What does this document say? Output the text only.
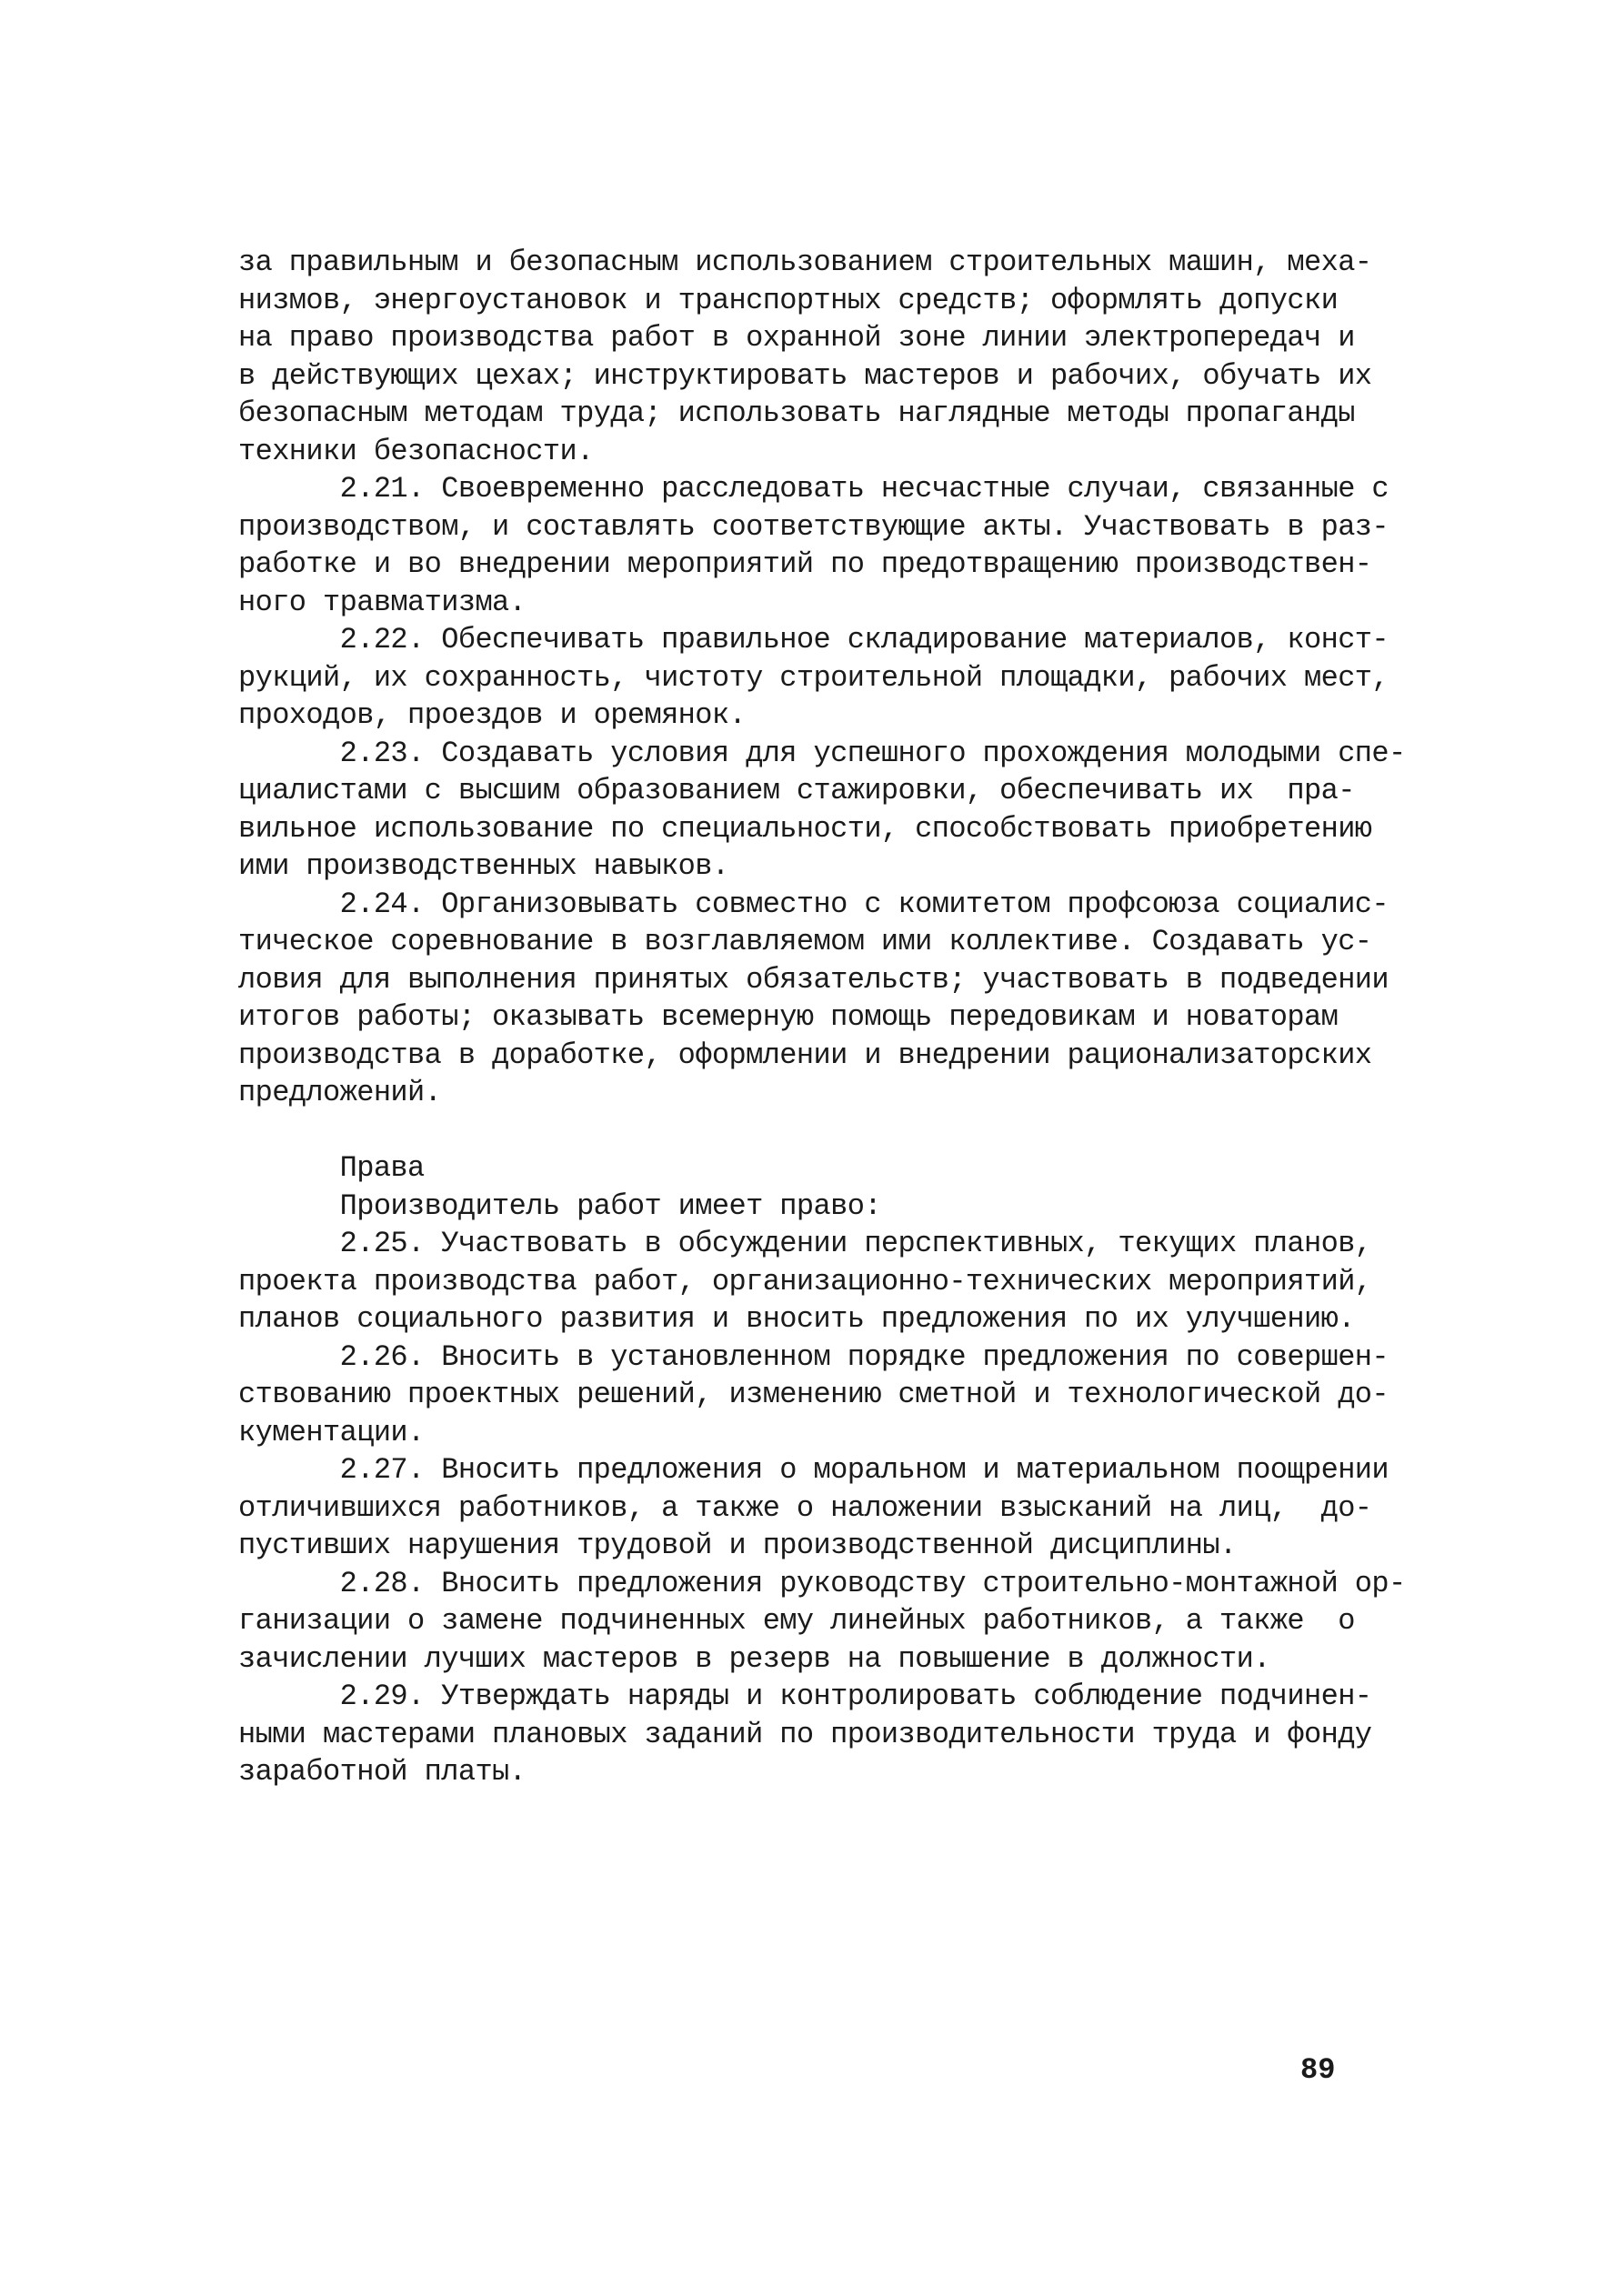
за правильным и безопасным использованием строительных машин, меха-
низмов, энергоустановок и транспортных средств; оформлять допуски
на право производства работ в охранной зоне линии электропередач и
в действующих цехах; инструктировать мастеров и рабочих, обучать их
безопасным методам труда; использовать наглядные методы пропаганды
техники безопасности.
2.21. Своевременно расследовать несчастные случаи, связанные с
производством, и составлять соответствующие акты. Участвовать в раз-
работке и во внедрении мероприятий по предотвращению производствен-
ного травматизма.
2.22. Обеспечивать правильное складирование материалов, конст-
рукций, их сохранность, чистоту строительной площадки, рабочих мест,
проходов, проездов и оремянок.
2.23. Создавать условия для успешного прохождения молодыми спе-
циалистами с высшим образованием стажировки, обеспечивать их  пра-
вильное использование по специальности, способствовать приобретению
ими производственных навыков.
2.24. Организовывать совместно с комитетом профсоюза социалис-
тическое соревнование в возглавляемом ими коллективе. Создавать ус-
ловия для выполнения принятых обязательств; участвовать в подведении
итогов работы; оказывать всемерную помощь передовикам и новаторам
производства в доработке, оформлении и внедрении рационализаторских
предложений.
Права
Производитель работ имеет право:
2.25. Участвовать в обсуждении перспективных, текущих планов,
проекта производства работ, организационно-технических мероприятий,
планов социального развития и вносить предложения по их улучшению.
2.26. Вносить в установленном порядке предложения по совершен-
ствованию проектных решений, изменению сметной и технологической до-
кументации.
2.27. Вносить предложения о моральном и материальном поощрении
отличившихся работников, а также о наложении взысканий на лиц,  до-
пустивших нарушения трудовой и производственной дисциплины.
2.28. Вносить предложения руководству строительно-монтажной ор-
ганизации о замене подчиненных ему линейных работников, а также  о
зачислении лучших мастеров в резерв на повышение в должности.
2.29. Утверждать наряды и контролировать соблюдение подчинен-
ными мастерами плановых заданий по производительности труда и фонду
заработной платы.
89
